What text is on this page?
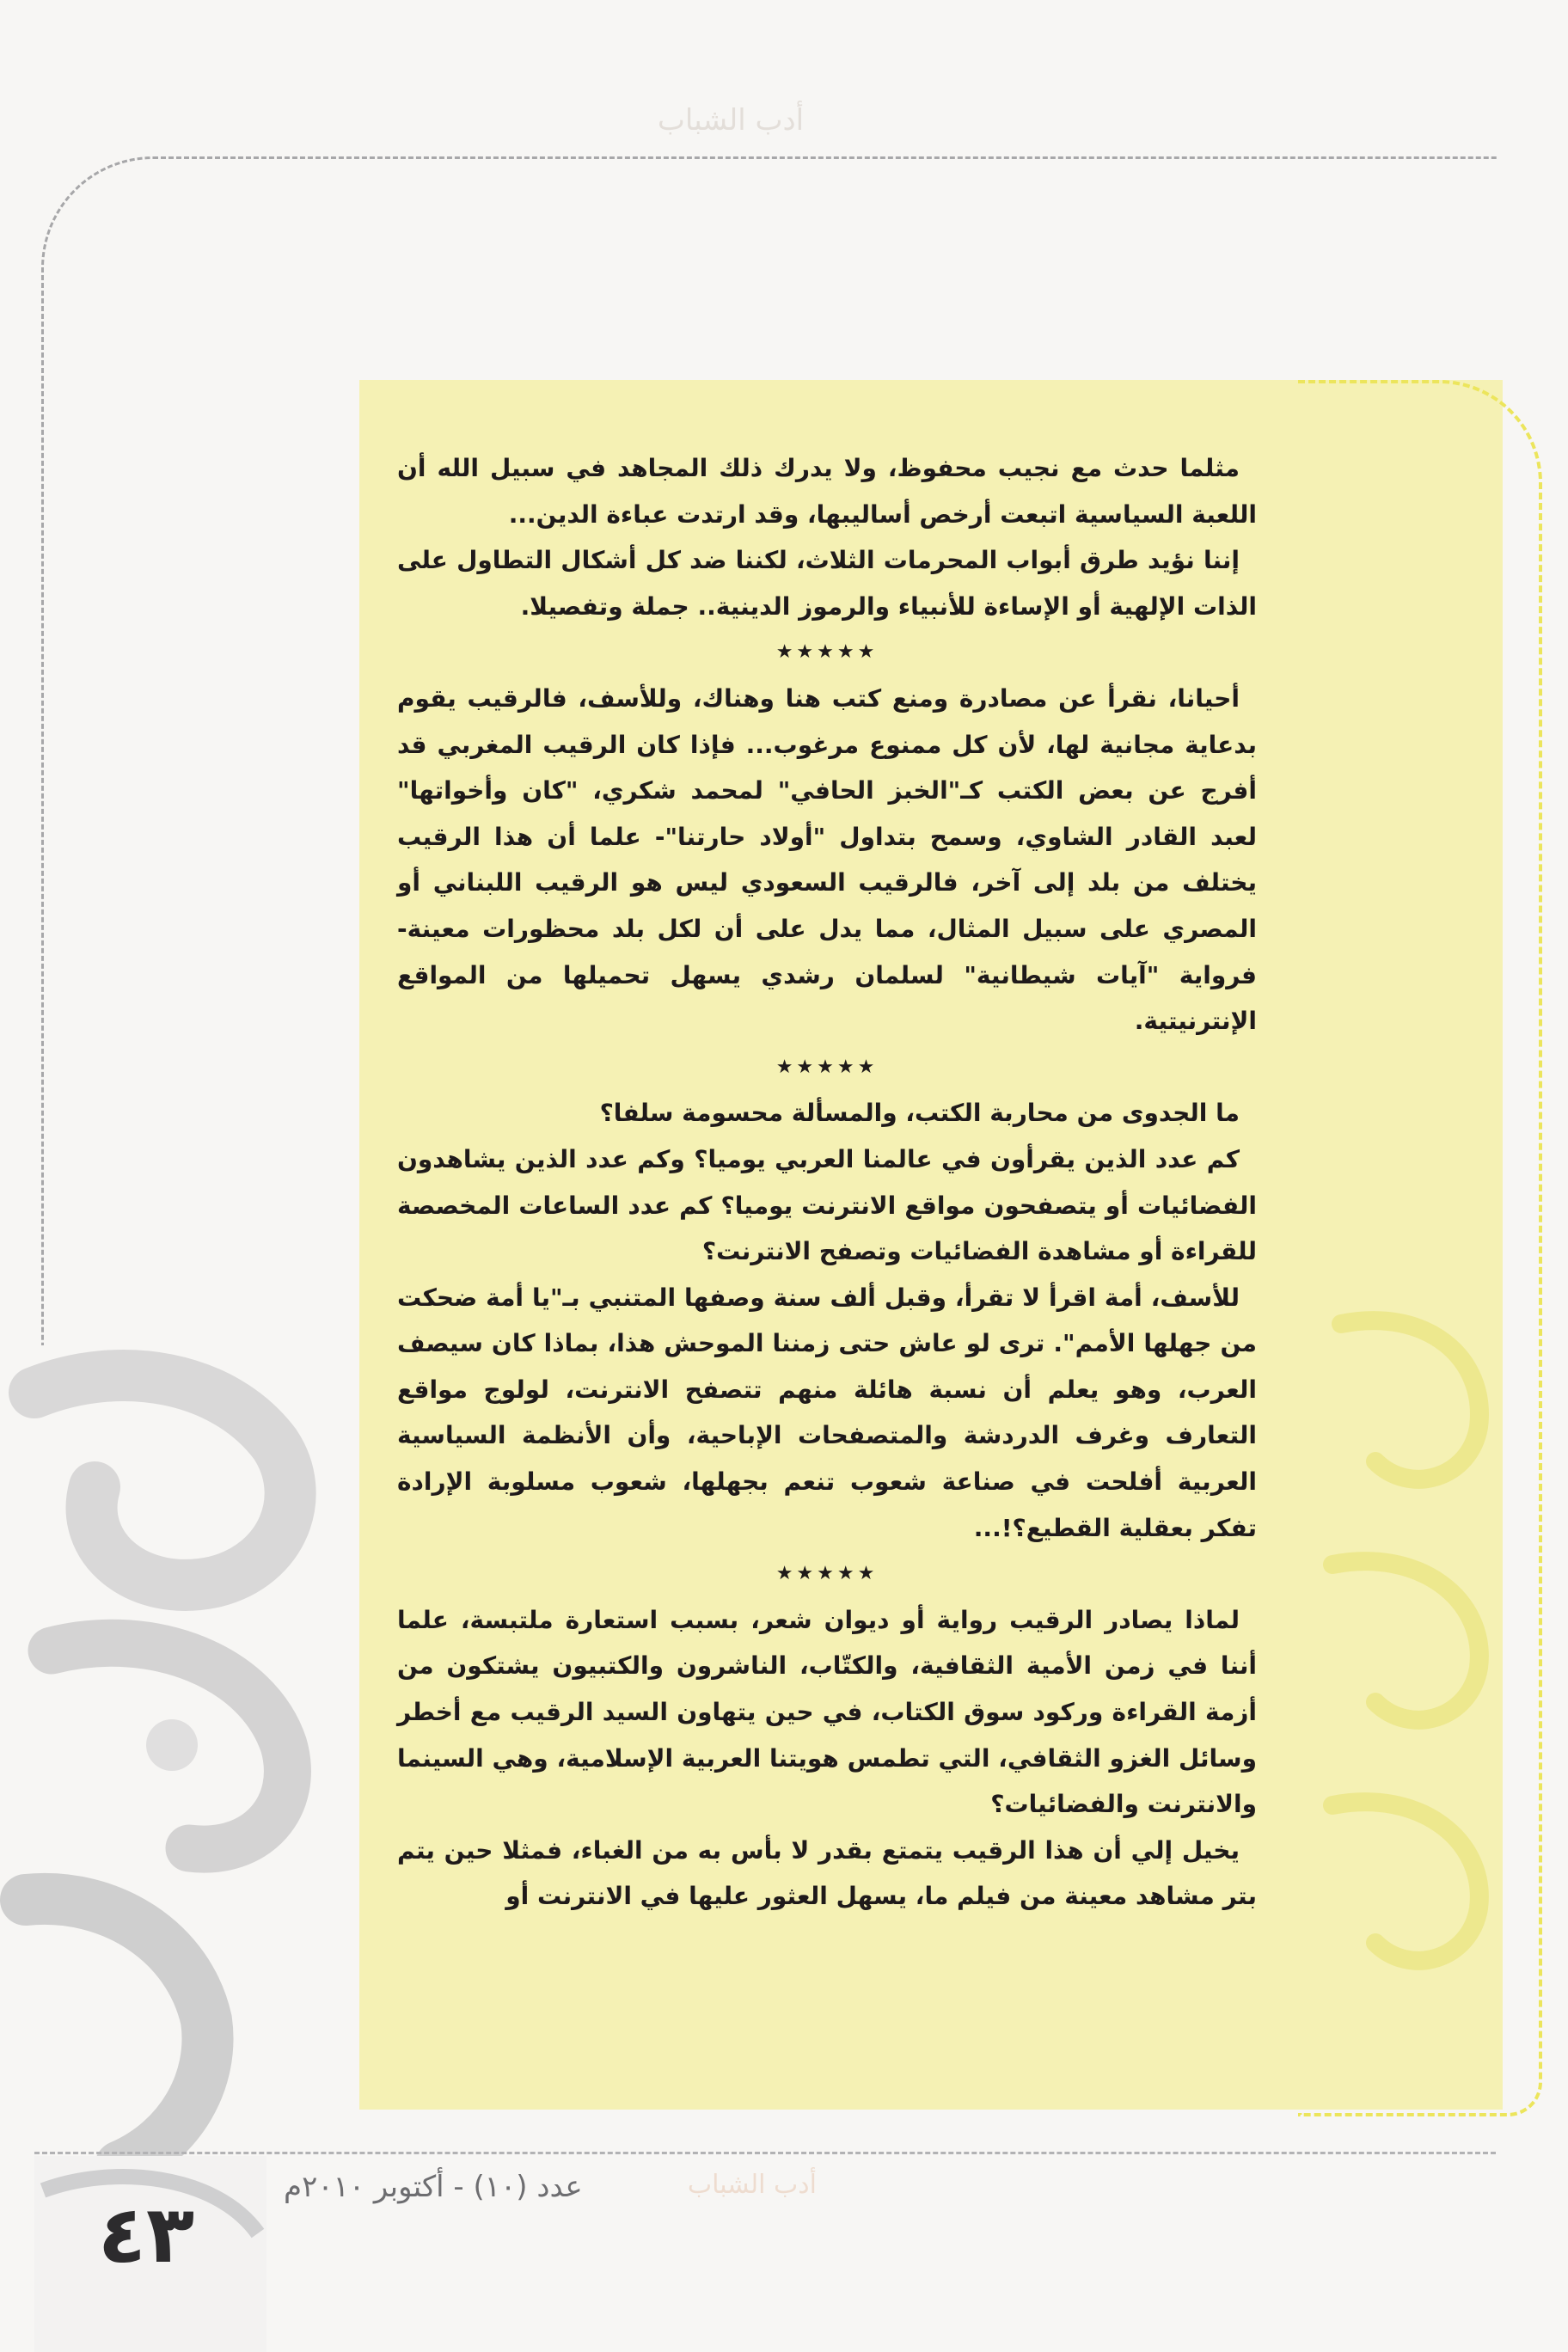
أدب الشباب

مثلما حدث مع نجيب محفوظ، ولا يدرك ذلك المجاهد في سبيل الله أن اللعبة السياسية اتبعت أرخص أساليبها، وقد ارتدت عباءة الدين...

إننا نؤيد طرق أبواب المحرمات الثلاث، لكننا ضد كل أشكال التطاول على الذات الإلهية أو الإساءة للأنبياء والرموز الدينية.. جملة وتفصيلا.

★★★★★

أحيانا، نقرأ عن مصادرة ومنع كتب هنا وهناك، وللأسف، فالرقيب يقوم بدعاية مجانية لها، لأن كل ممنوع مرغوب... فإذا كان الرقيب المغربي قد أفرج عن بعض الكتب كـ"الخبز الحافي" لمحمد شكري، "كان وأخواتها" لعبد القادر الشاوي، وسمح بتداول "أولاد حارتنا"- علما أن هذا الرقيب يختلف من بلد إلى آخر، فالرقيب السعودي ليس هو الرقيب اللبناني أو المصري على سبيل المثال، مما يدل على أن لكل بلد محظورات معينة- فرواية "آيات شيطانية" لسلمان رشدي يسهل تحميلها من المواقع الإنترنيتية.

★★★★★

ما الجدوى من محاربة الكتب، والمسألة محسومة سلفا؟

كم عدد الذين يقرأون في عالمنا العربي يوميا؟ وكم عدد الذين يشاهدون الفضائيات أو يتصفحون مواقع الانترنت يوميا؟ كم عدد الساعات المخصصة للقراءة أو مشاهدة الفضائيات وتصفح الانترنت؟

للأسف، أمة اقرأ لا تقرأ، وقبل ألف سنة وصفها المتنبي بـ"يا أمة ضحكت من جهلها الأمم". ترى لو عاش حتى زمننا الموحش هذا، بماذا كان سيصف العرب، وهو يعلم أن نسبة هائلة منهم تتصفح الانترنت، لولوج مواقع التعارف وغرف الدردشة والمتصفحات الإباحية، وأن الأنظمة السياسية العربية أفلحت في صناعة شعوب تنعم بجهلها، شعوب مسلوبة الإرادة تفكر بعقلية القطيع؟!...

★★★★★

لماذا يصادر الرقيب رواية أو ديوان شعر، بسبب استعارة ملتبسة، علما أننا في زمن الأمية الثقافية، والكتّاب، الناشرون والكتبيون يشتكون من أزمة القراءة وركود سوق الكتاب، في حين يتهاون السيد الرقيب مع أخطر وسائل الغزو الثقافي، التي تطمس هويتنا العربية الإسلامية، وهي السينما والانترنت والفضائيات؟

يخيل إلي أن هذا الرقيب يتمتع بقدر لا بأس به من الغباء، فمثلا حين يتم بتر مشاهد معينة من فيلم ما، يسهل العثور عليها في الانترنت أو

عدد (١٠) - أكتوبر ٢٠١٠م	أدب الشباب
٤٣
